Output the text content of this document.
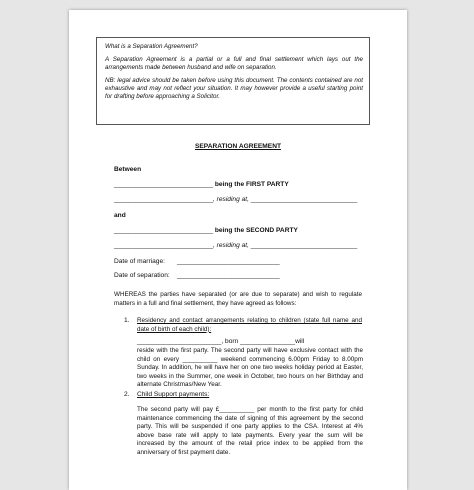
What is a Separation Agreement?

A Separation Agreement is a partial or a full and final settlement which lays out the arrangements made between husband and wife on separation.

NB: legal advice should be taken before using this document. The contents contained are not exhaustive and may not reflect your situation. It may however provide a useful starting point for drafting before approaching a Solicitor.

SEPARATION AGREEMENT
Between
___________________________ being the FIRST PARTY
___________________________, residing at, _____________________________
and
___________________________ being the SECOND PARTY
___________________________, residing at, _____________________________
Date of marriage: ____________________________
Date of separation: ____________________________

WHEREAS the parties have separated (or are due to separate) and wish to regulate matters in a full and final settlement, they have agreed as follows:

1. Residency and contact arrangements relating to children (state full name and date of birth of each child):

_______________________, born _______________will

reside with the first party. The second party will have exclusive contact with the child on every __________ weekend commencing 6.00pm Friday to 8.00pm Sunday. In addition, he will have her on one two weeks holiday period at Easter, two weeks in the Summer, one week in October, two hours on her Birthday and alternate Christmas/New Year.

2. Child Support payments:

The second party will pay £__________ per month to the first party for child maintenance commencing the date of signing of this agreement by the second party. This will be suspended if one party applies to the CSA. Interest at 4% above base rate will apply to late payments. Every year the sum will be increased by the amount of the retail price index to be applied from the anniversary of first payment date.
